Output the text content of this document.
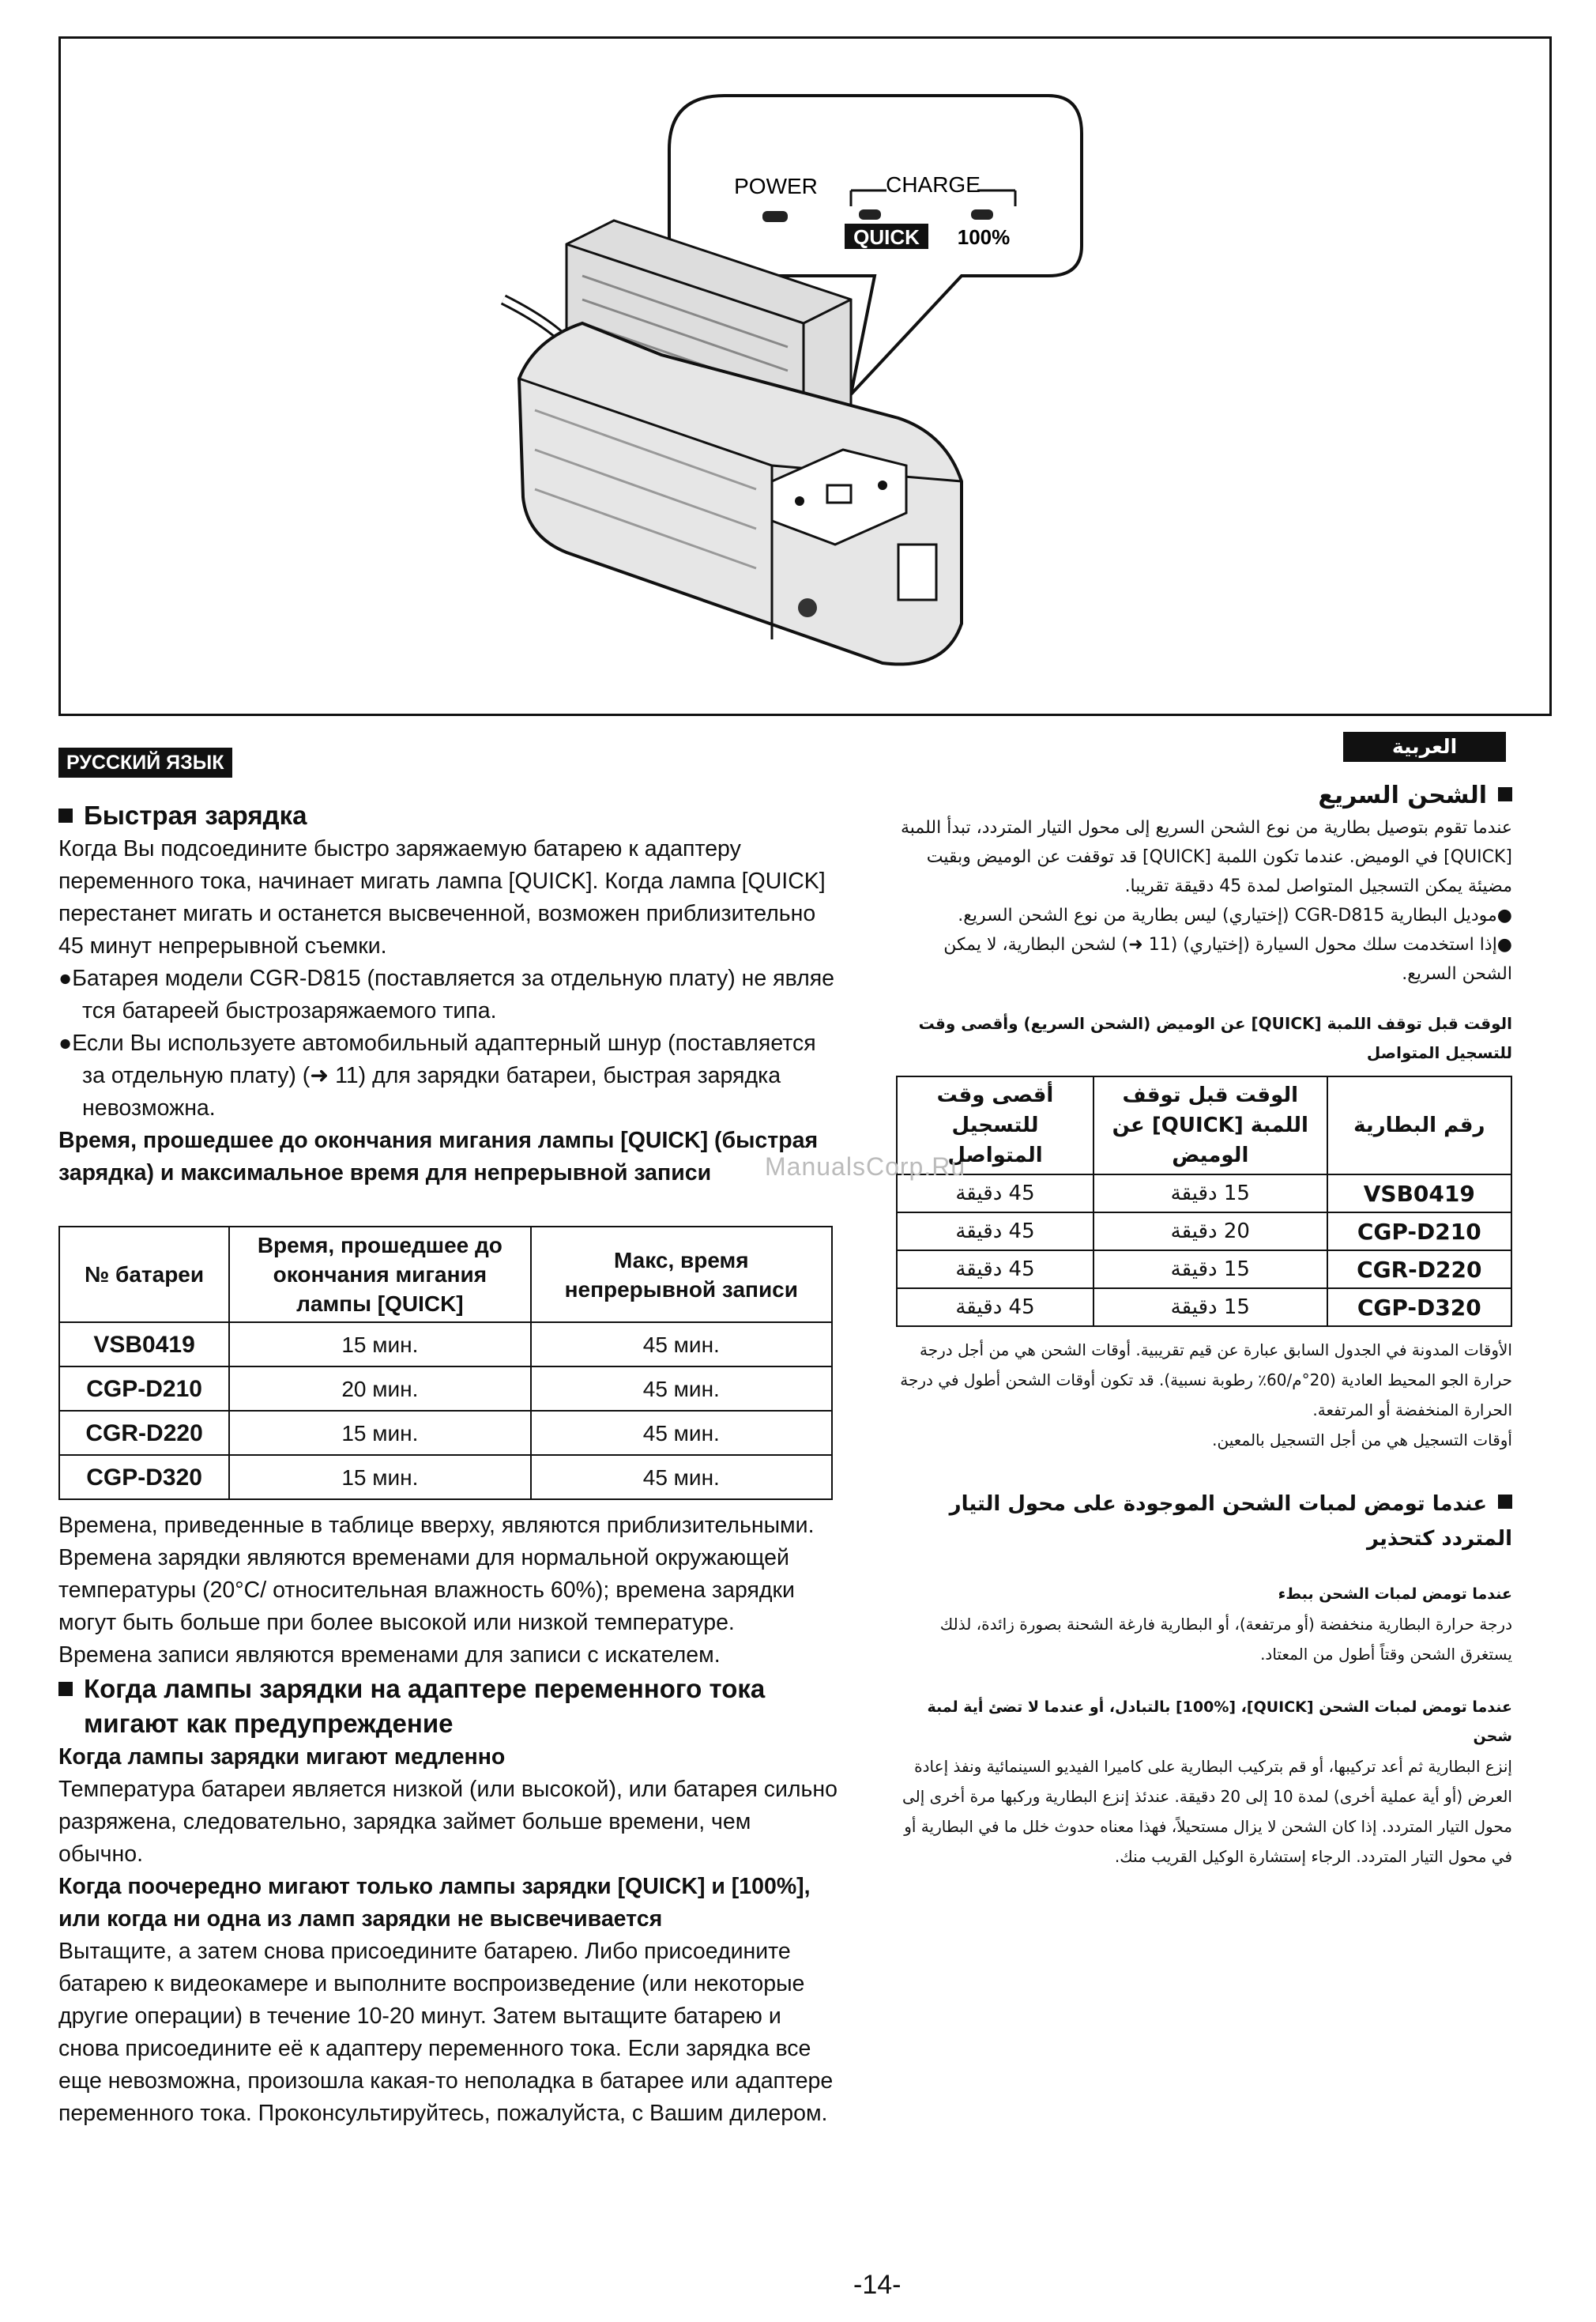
POWER	CHARGE
QUICK 100%
РУССКИЙ ЯЗЫК
Быстрая зарядка

Когда Вы подсоедините быстро заряжаемую батарею к адаптеру переменного тока, начинает мигать лампа [QUICK]. Когда лампа [QUICK] перестанет мигать и останется высвеченной, возможен приблизительно 45 минут непрерывной съемки.

●Батарея модели CGR-D815 (поставляется за отдельную плату) не являе тся батареей быстрозаряжаемого типа.

●Если Вы используете автомобильный адаптерный шнур (поставляется за отдельную плату) (➜ 11) для зарядки батареи, быстрая зарядка невозможна.

Время, прошедшее до окончания мигания лампы [QUICK] (быстрая зарядка) и максимальное время для непрерывной записи
№ батареи	Время, прошедшее до окончания мигания лампы [QUICK]	Макс, время непрерывной записи
VSB0419	15 мин.	45 мин.
CGP-D210	20 мин.	45 мин.
CGR-D220	15 мин.	45 мин.
CGP-D320	15 мин.	45 мин.

Времена, приведенные в таблице вверху, являются приблизительными. Времена зарядки являются временами для нормальной окружающей температуры (20°C/ относительная влажность 60%); времена зарядки могут быть больше при более высокой или низкой температуре.

Времена записи являются временами для записи с искателем.

Когда лампы зарядки на адаптере переменного тока мигают как предупреждение
Когда лампы зарядки мигают медленно

Температура батареи является низкой (или высокой), или батарея сильно разряжена, следовательно, зарядка займет больше времени, чем обычно.

Когда поочередно мигают только лампы зарядки [QUICK] и [100%], или когда ни одна из ламп зарядки не высвечивается

Вытащите, а затем снова присоедините батарею. Либо присоедините батарею к видеокамере и выполните воспроизведение (или некоторые другие операции) в течение 10-20 минут. Затем вытащите батарею и снова присоедините её к адаптеру переменного тока. Если зарядка все еще невозможна, произошла какая-то неполадка в батарее или адаптере переменного тока. Проконсультируйтесь, пожалуйста, с Вашим дилером.

العربية
الشحن السريع

عندما تقوم بتوصيل بطارية من نوع الشحن السريع إلى محول التيار المتردد، تبدأ اللمبة [QUICK] في الوميض. عندما تكون اللمبة [QUICK] قد توقفت عن الوميض وبقيت مضيئة يمكن التسجيل المتواصل لمدة 45 دقيقة تقريبا.

●موديل البطارية CGR-D815 (إختياري) ليس بطارية من نوع الشحن السريع.

●إذا استخدمت سلك محول السيارة (إختياري) (11 ➜) لشحن البطارية، لا يمكن الشحن السريع.

الوقت قبل توقف اللمبة [QUICK] عن الوميض (الشحن السريع) وأقصى وقت للتسجيل المتواصل

رقم البطارية	الوقت قبل توقف اللمبة [QUICK] عن الوميض	أقصى وقت للتسجيل المتواصل
VSB0419	15 دقيقة	45 دقيقة
CGP-D210	20 دقيقة	45 دقيقة
CGR-D220	15 دقيقة	45 دقيقة
CGP-D320	15 دقيقة	45 دقيقة

الأوقات المدونة في الجدول السابق عبارة عن قيم تقريبية. أوقات الشحن هي من أجل درجة حرارة الجو المحيط العادية (20°م/60٪ رطوبة نسبية). قد تكون أوقات الشحن أطول في درجة الحرارة المنخفضة أو المرتفعة.

أوقات التسجيل هي من أجل التسجيل بالمعين.

عندما تومض لمبات الشحن الموجودة على محول التيار المتردد كتحذير

عندما تومض لمبات الشحن ببطء

درجة حرارة البطارية منخفضة (أو مرتفعة)، أو البطارية فارغة الشحنة بصورة زائدة، لذلك يستغرق الشحن وقتاً أطول من المعتاد.

عندما تومض لمبات الشحن [QUICK]، [100%] بالتبادل، أو عندما لا تضئ أية لمبة شحن

إنزع البطارية ثم أعد تركيبها، أو قم بتركيب البطارية على كاميرا الفيديو السينمائية ونفذ إعادة العرض (أو أية عملية أخرى) لمدة 10 إلى 20 دقيقة. عندئذ إنزع البطارية وركبها مرة أخرى إلى محول التيار المتردد. إذا كان الشحن لا يزال مستحيلاً، فهذا معناه حدوث خلل ما في البطارية أو في محول التيار المتردد. الرجاء إستشارة الوكيل القريب منك.

ManualsCorp.Ru
-14-
